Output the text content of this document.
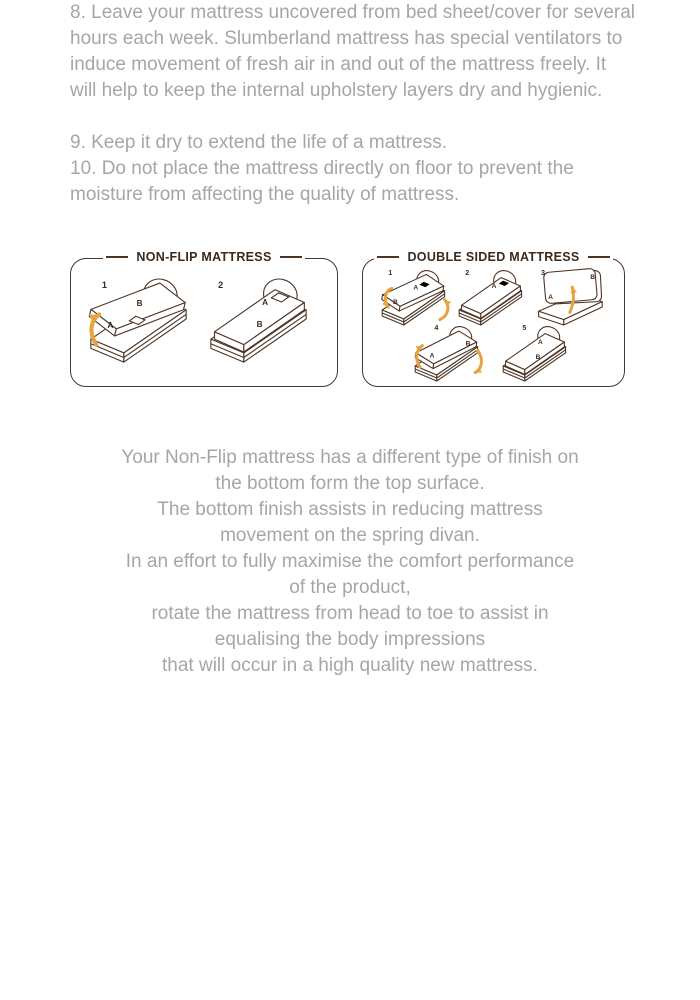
8. Leave your mattress uncovered from bed sheet/cover for several hours each week. Slumberland mattress has special ventilators to induce movement of fresh air in and out of the mattress freely. It will help to keep the internal upholstery layers dry and hygienic.

9. Keep it dry to extend the life of a mattress.

10. Do not place the mattress directly on floor to prevent the moisture from affecting the quality of mattress.

NON-FLIP MATTRESS
1
B
A
2
A
B
DOUBLE SIDED MATTRESS
1
A
B
2
A
3
A
B
4
A
B
5
A
B
Your Non-Flip mattress has a different type of finish on
the bottom form the top surface.
The bottom finish assists in reducing mattress
movement on the spring divan.
In an effort to fully maximise the comfort performance
of the product,
rotate the mattress from head to toe to assist in
equalising the body impressions
that will occur in a high quality new mattress.
